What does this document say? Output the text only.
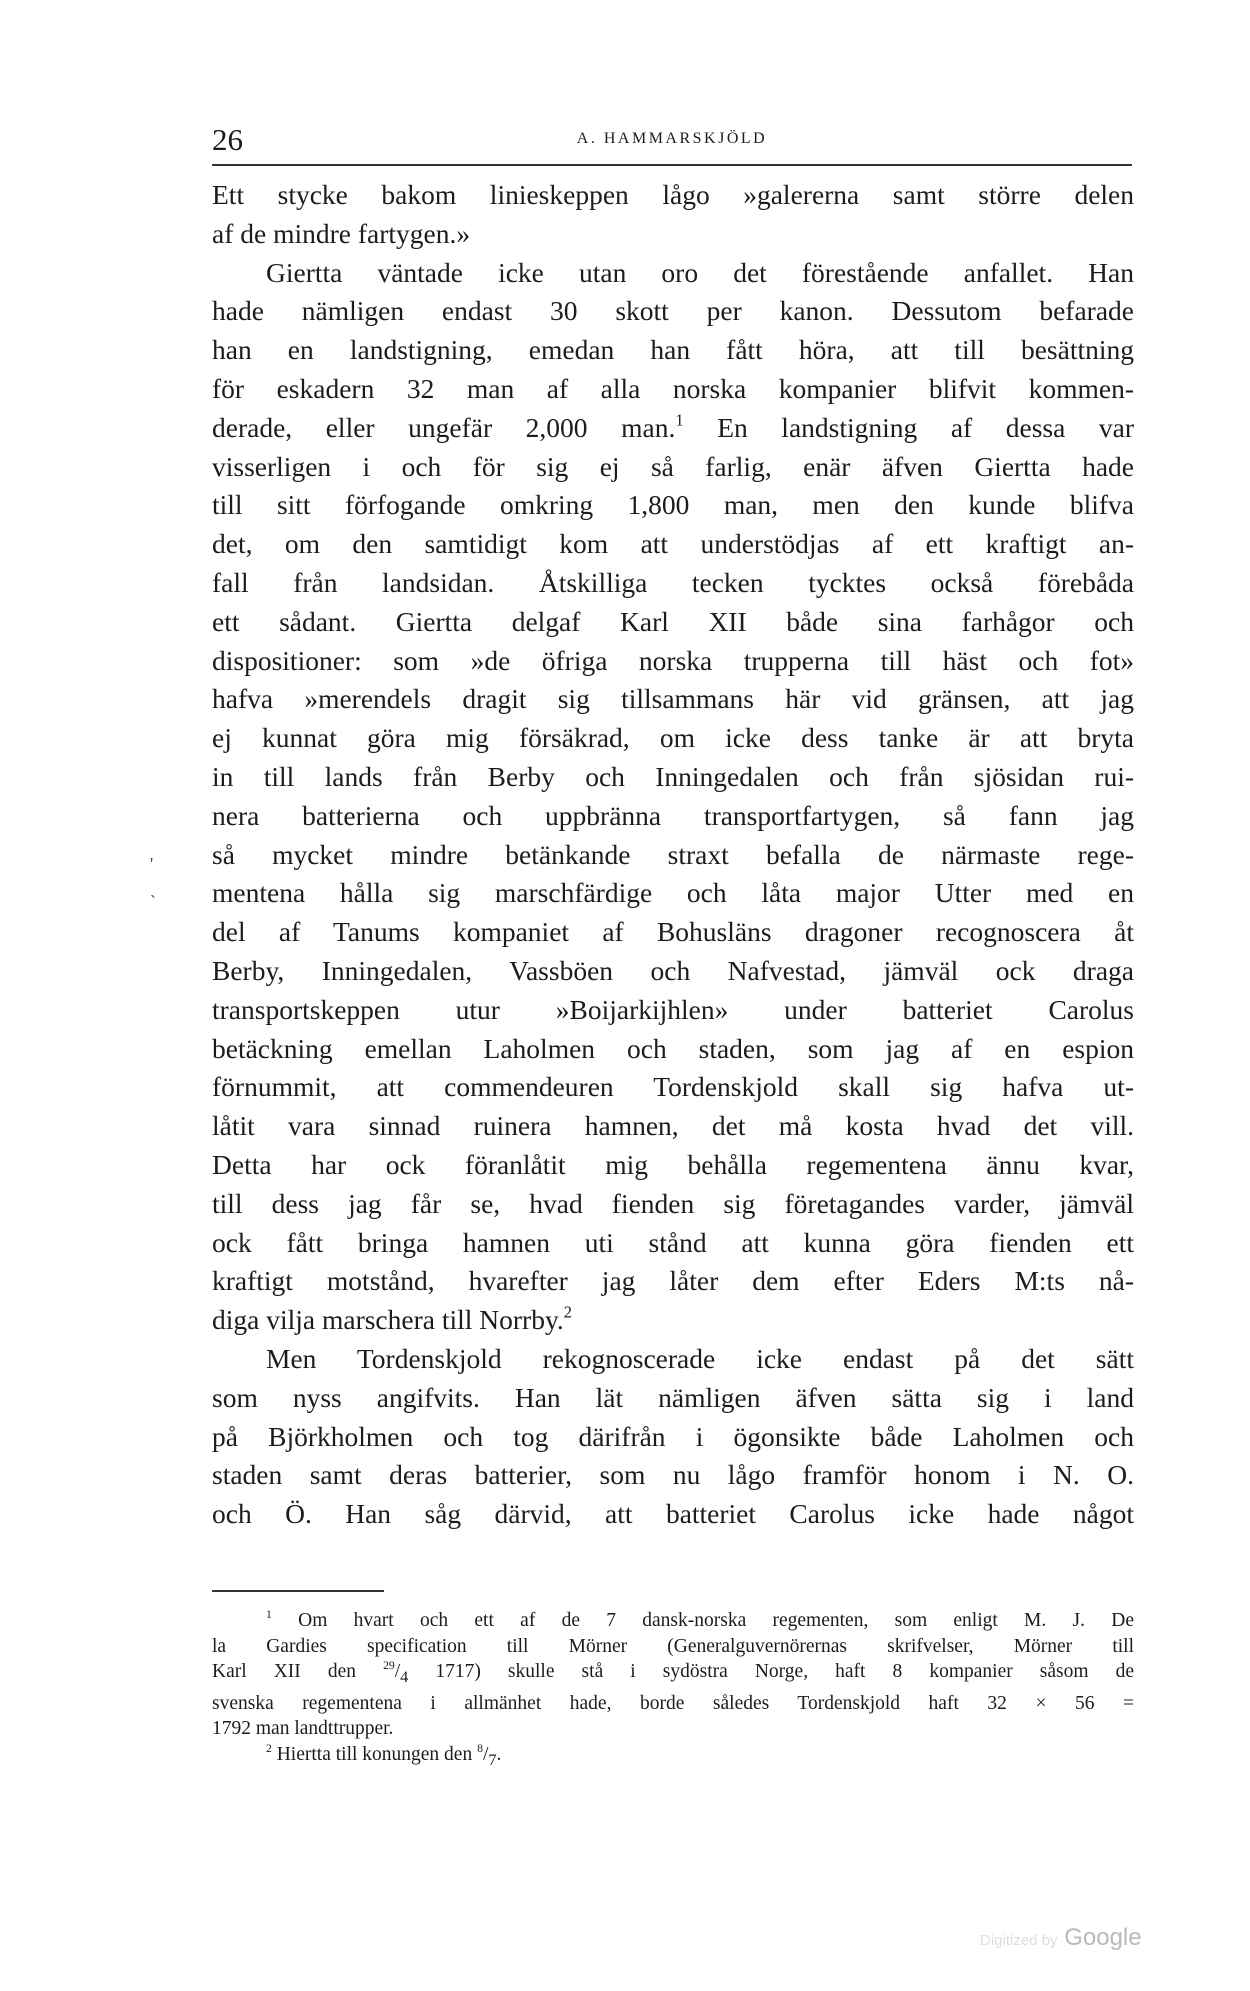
26	A. HAMMARSKJÖLD
Ett stycke bakom linieskeppen lågo »galererna samt större delen
af de mindre fartygen.»
Giertta väntade icke utan oro det förestående anfallet. Han
hade nämligen endast 30 skott per kanon. Dessutom befarade
han en landstigning, emedan han fått höra, att till besättning
för eskadern 32 man af alla norska kompanier blifvit kommen-
derade, eller ungefär 2,000 man.$^1$ En landstigning af dessa var
visserligen i och för sig ej så farlig, enär äfven Giertta hade
till sitt förfogande omkring 1,800 man, men den kunde blifva
det, om den samtidigt kom att understödjas af ett kraftigt an-
fall från landsidan. Åtskilliga tecken tycktes också förebåda
ett sådant. Giertta delgaf Karl XII både sina farhågor och
dispositioner: som »de öfriga norska trupperna till häst och fot»
hafva »merendels dragit sig tillsammans här vid gränsen, att jag
ej kunnat göra mig försäkrad, om icke dess tanke är att bryta
in till lands från Berby och Inningedalen och från sjösidan rui-
nera batterierna och uppbränna transportfartygen, så fann jag
så mycket mindre betänkande straxt befalla de närmaste rege-
mentena hålla sig marschfärdige och låta major Utter med en
del af Tanums kompaniet af Bohusläns dragoner recognoscera åt
Berby, Inningedalen, Vassböen och Nafvestad, jämväl ock draga
transportskeppen utur »Boijarkijhlen» under batteriet Carolus
betäckning emellan Laholmen och staden, som jag af en espion
förnummit, att commendeuren Tordenskjold skall sig hafva ut-
låtit vara sinnad ruinera hamnen, det må kosta hvad det vill.
Detta har ock föranlåtit mig behålla regementena ännu kvar,
till dess jag får se, hvad fienden sig företagandes varder, jämväl
ock fått bringa hamnen uti stånd att kunna göra fienden ett
kraftigt motstånd, hvarefter jag låter dem efter Eders M:ts nå-
diga vilja marschera till Norrby.$^2$
Men Tordenskjold rekognoscerade icke endast på det sätt
som nyss angifvits. Han lät nämligen äfven sätta sig i land
på Björkholmen och tog därifrån i ögonsikte både Laholmen och
staden samt deras batterier, som nu lågo framför honom i N. O.
och Ö. Han såg därvid, att batteriet Carolus icke hade något
'
`
$^1$ Om hvart och ett af de 7 dansk-norska regementen, som enligt M. J. De
la Gardies specification till Mörner (Generalguvernörernas skrifvelser, Mörner till
Karl XII den $^{29}/_4$ 1717) skulle stå i sydöstra Norge, haft 8 kompanier såsom de
svenska regementena i allmänhet hade, borde således Tordenskjold haft 32 × 56 =
1792 man landttrupper.
$^2$ Hiertta till konungen den $^8/_7$.
Digitized by Google
